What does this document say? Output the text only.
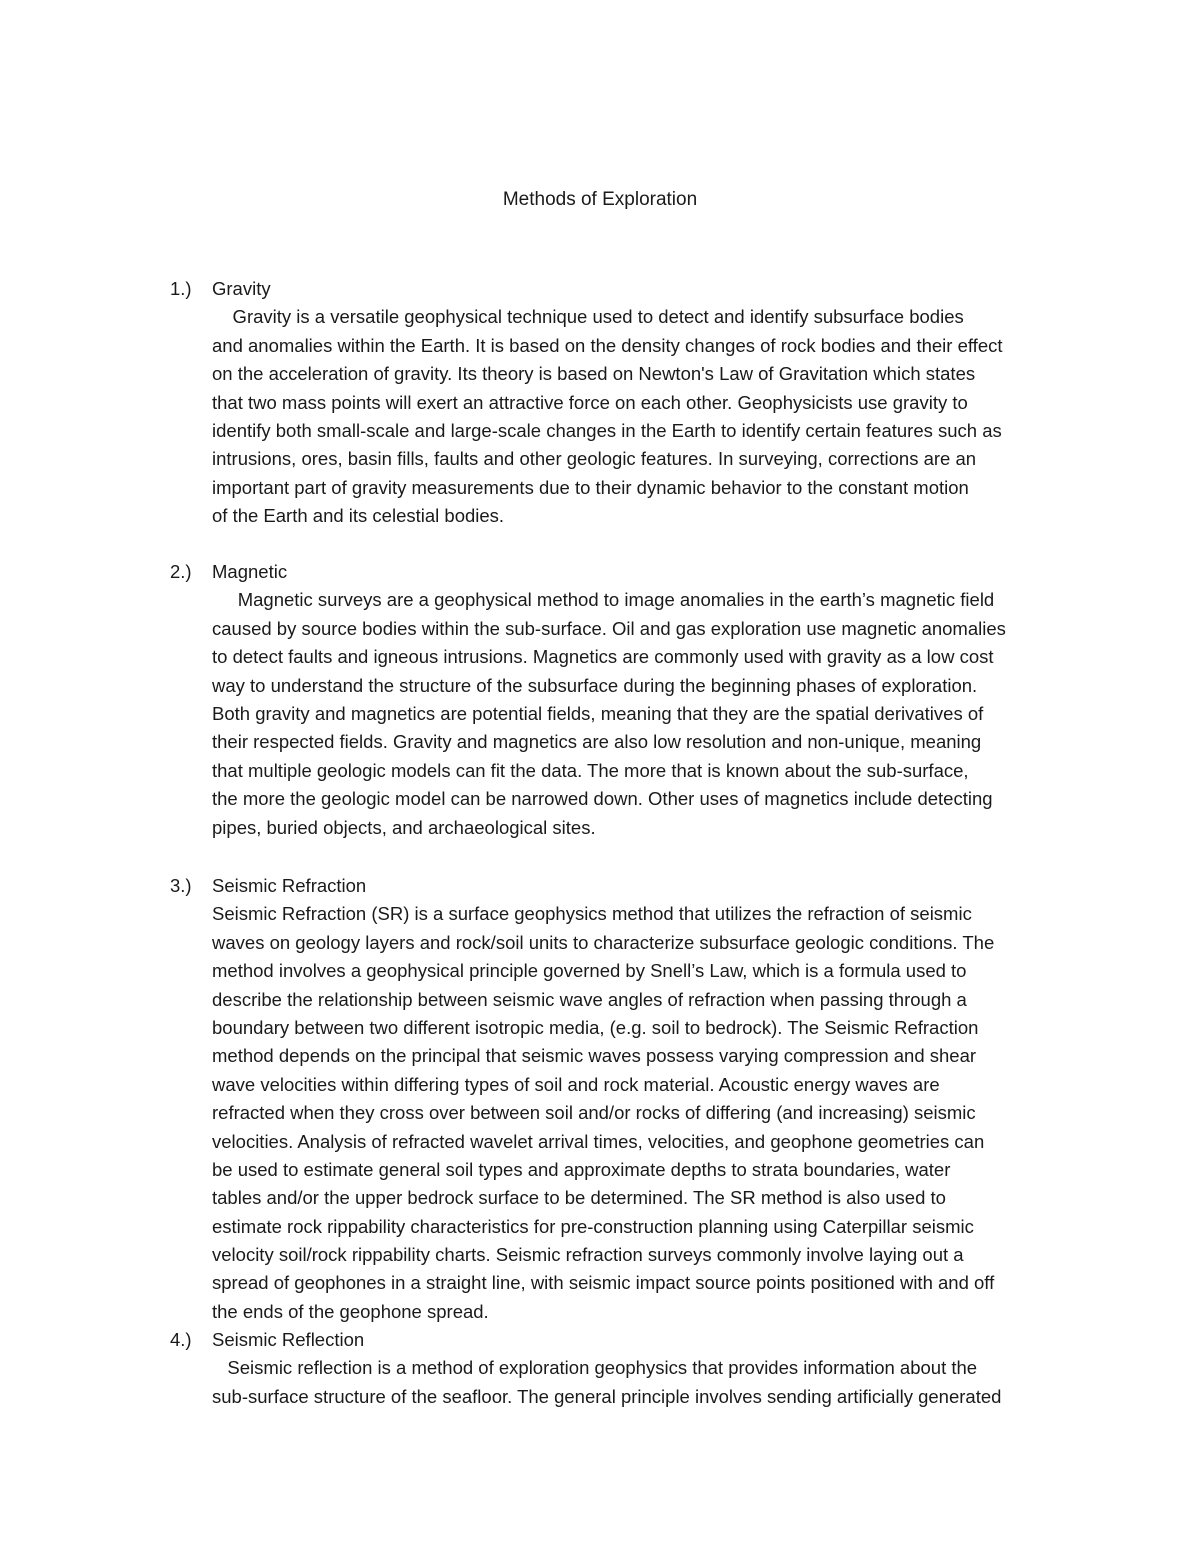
Methods of Exploration
1.) Gravity
Gravity is a versatile geophysical technique used to detect and identify subsurface bodies
and anomalies within the Earth. It is based on the density changes of rock bodies and their effect
on the acceleration of gravity. Its theory is based on Newton's Law of Gravitation which states
that two mass points will exert an attractive force on each other. Geophysicists use gravity to
identify both small-scale and large-scale changes in the Earth to identify certain features such as
intrusions, ores, basin fills, faults and other geologic features. In surveying, corrections are an
important part of gravity measurements due to their dynamic behavior to the constant motion
of the Earth and its celestial bodies.
2.) Magnetic
Magnetic surveys are a geophysical method to image anomalies in the earth’s magnetic field
caused by source bodies within the sub-surface. Oil and gas exploration use magnetic anomalies
to detect faults and igneous intrusions. Magnetics are commonly used with gravity as a low cost
way to understand the structure of the subsurface during the beginning phases of exploration.
Both gravity and magnetics are potential fields, meaning that they are the spatial derivatives of
their respected fields. Gravity and magnetics are also low resolution and non-unique, meaning
that multiple geologic models can fit the data. The more that is known about the sub-surface,
the more the geologic model can be narrowed down. Other uses of magnetics include detecting
pipes, buried objects, and archaeological sites.
3.) Seismic Refraction
Seismic Refraction (SR) is a surface geophysics method that utilizes the refraction of seismic
waves on geology layers and rock/soil units to characterize subsurface geologic conditions. The
method involves a geophysical principle governed by Snell’s Law, which is a formula used to
describe the relationship between seismic wave angles of refraction when passing through a
boundary between two different isotropic media, (e.g. soil to bedrock). The Seismic Refraction
method depends on the principal that seismic waves possess varying compression and shear
wave velocities within differing types of soil and rock material. Acoustic energy waves are
refracted when they cross over between soil and/or rocks of differing (and increasing) seismic
velocities. Analysis of refracted wavelet arrival times, velocities, and geophone geometries can
be used to estimate general soil types and approximate depths to strata boundaries, water
tables and/or the upper bedrock surface to be determined. The SR method is also used to
estimate rock rippability characteristics for pre-construction planning using Caterpillar seismic
velocity soil/rock rippability charts. Seismic refraction surveys commonly involve laying out a
spread of geophones in a straight line, with seismic impact source points positioned with and off
the ends of the geophone spread.
4.) Seismic Reflection
Seismic reflection is a method of exploration geophysics that provides information about the
sub-surface structure of the seafloor. The general principle involves sending artificially generated
